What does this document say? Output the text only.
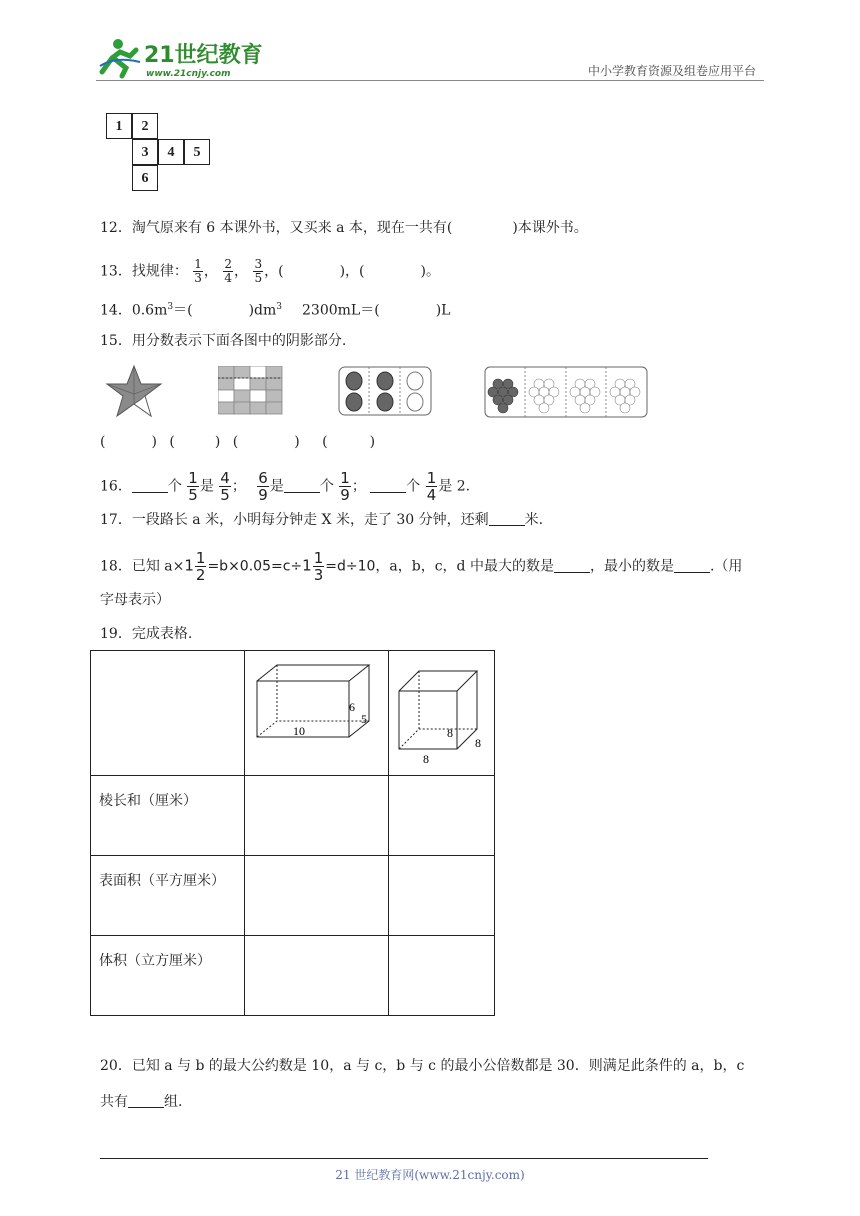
21世纪教育
www.21cnjy.com	中小学教育资源及组卷应用平台
1	2
3	4	5
6
12．淘气原来有 6 本课外书，又买来 a 本，现在一共有(	)本课外书。
13．找规律： $\frac{1}{3}$ ， $\frac{2}{4}$ ， $\frac{3}{5}$ ，(	)，(	)。
14．$0.6m^3=$(	)$dm^3$ 2300mL＝(	)L
15．用分数表示下面各图中的阴影部分.
(	) (	) (	) (	)
16．	个 $\frac{1}{5}$ 是 $\frac{4}{5}$ ； $\frac{6}{9}$ 是	个 $\frac{1}{9}$ ；	个 $\frac{1}{4}$ 是 2.
17．一段路长 a 米，小明每分钟走 X 米，走了 30 分钟，还剩	米.
18．已知 $a\times 1 \frac{1}{2} =b\times 0.05=c\div 1 \frac{1}{3} =d\div 10$，a，b，c，d 中最大的数是	，最小的数是	.（用
字母表示）
19．完成表格.

10
6
5	8
8
8

棱长和（厘米）		
表面积（平方厘米）		
体积（立方厘米）		
20．已知 a 与 b 的最大公约数是 10，a 与 c，b 与 c 的最小公倍数都是 30．则满足此条件的 a，b，c
共有	组.
21 世纪教育网(www.21cnjy.com)
